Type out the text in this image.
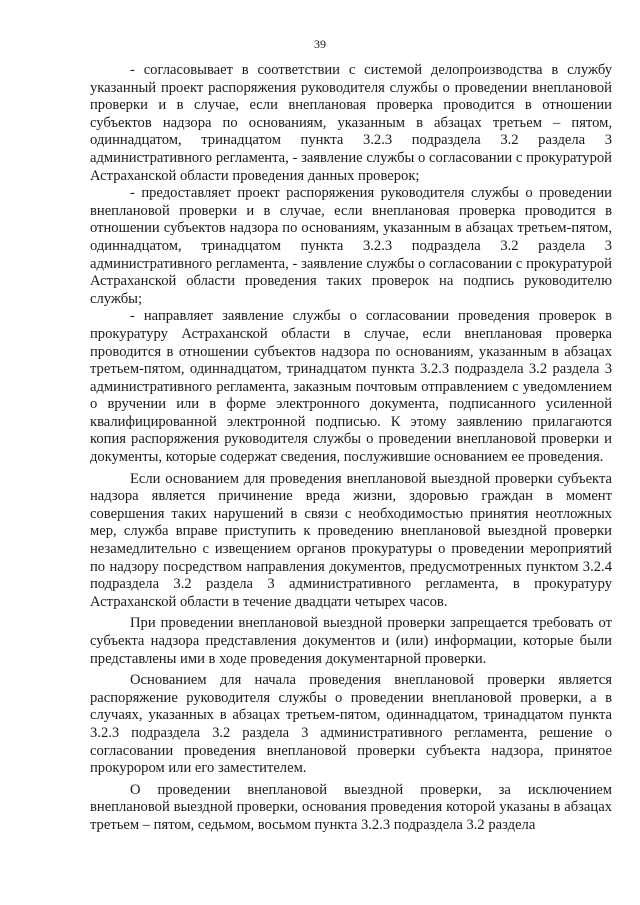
39

- согласовывает в соответствии с системой делопроизводства в службу указанный проект распоряжения руководителя службы о проведении внеплановой проверки и в случае, если внеплановая проверка проводится в отношении субъектов надзора по основаниям, указанным в абзацах третьем – пятом, одиннадцатом, тринадцатом пункта 3.2.3 подраздела 3.2 раздела 3 административного регламента, - заявление службы о согласовании с прокуратурой Астраханской области проведения данных проверок;

- предоставляет проект распоряжения руководителя службы о проведении внеплановой проверки и в случае, если внеплановая проверка проводится в отношении субъектов надзора по основаниям, указанным в абзацах третьем-пятом, одиннадцатом, тринадцатом пункта 3.2.3 подраздела 3.2 раздела 3 административного регламента, - заявление службы о согласовании с прокуратурой Астраханской области проведения таких проверок на подпись руководителю службы;

- направляет заявление службы о согласовании проведения проверок в прокуратуру Астраханской области в случае, если внеплановая проверка проводится в отношении субъектов надзора по основаниям, указанным в абзацах третьем-пятом, одиннадцатом, тринадцатом пункта 3.2.3 подраздела 3.2 раздела 3 административного регламента, заказным почтовым отправлением с уведомлением о вручении или в форме электронного документа, подписанного усиленной квалифицированной электронной подписью. К этому заявлению прилагаются копия распоряжения руководителя службы о проведении внеплановой проверки и документы, которые содержат сведения, послужившие основанием ее проведения.

Если основанием для проведения внеплановой выездной проверки субъекта надзора является причинение вреда жизни, здоровью граждан в момент совершения таких нарушений в связи с необходимостью принятия неотложных мер, служба вправе приступить к проведению внеплановой выездной проверки незамедлительно с извещением органов прокуратуры о проведении мероприятий по надзору посредством направления документов, предусмотренных пунктом 3.2.4 подраздела 3.2 раздела 3 административного регламента, в прокуратуру Астраханской области в течение двадцати четырех часов.

При проведении внеплановой выездной проверки запрещается требовать от субъекта надзора представления документов и (или) информации, которые были представлены ими в ходе проведения документарной проверки.

Основанием для начала проведения внеплановой проверки является распоряжение руководителя службы о проведении внеплановой проверки, а в случаях, указанных в абзацах третьем-пятом, одиннадцатом, тринадцатом пункта 3.2.3 подраздела 3.2 раздела 3 административного регламента, решение о согласовании проведения внеплановой проверки субъекта надзора, принятое прокурором или его заместителем.

О проведении внеплановой выездной проверки, за исключением внеплановой выездной проверки, основания проведения которой указаны в абзацах третьем – пятом, седьмом, восьмом пункта 3.2.3 подраздела 3.2 раздела
